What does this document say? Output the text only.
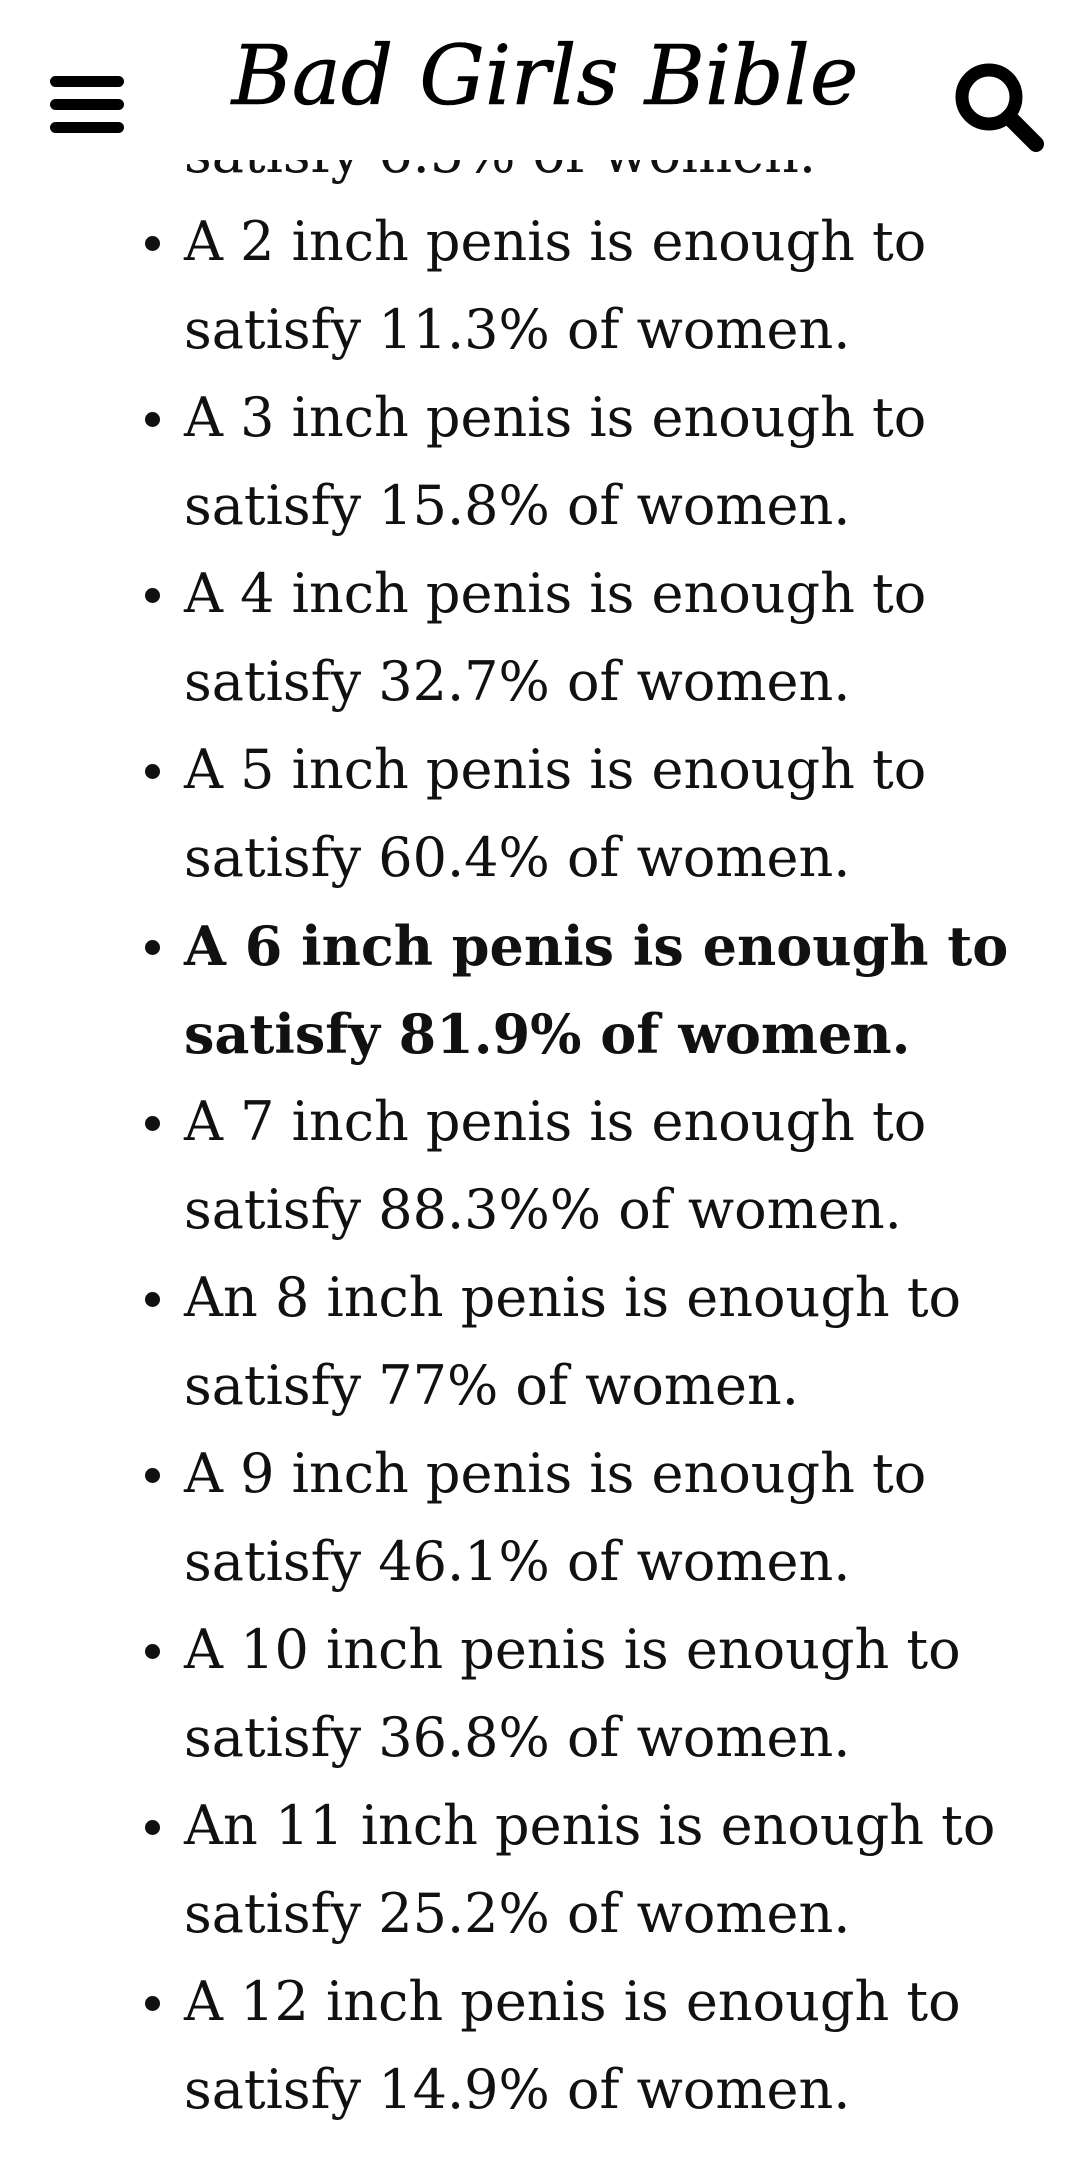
Bad Girls Bible
A 2 inch penis is enough to
satisfy 11.3% of women.
A 3 inch penis is enough to
satisfy 15.8% of women.
A 4 inch penis is enough to
satisfy 32.7% of women.
A 5 inch penis is enough to
satisfy 60.4% of women.
A 6 inch penis is enough to
satisfy 81.9% of women.
A 7 inch penis is enough to
satisfy 88.3%% of women.
An 8 inch penis is enough to
satisfy 77% of women.
A 9 inch penis is enough to
satisfy 46.1% of women.
A 10 inch penis is enough to
satisfy 36.8% of women.
An 11 inch penis is enough to
satisfy 25.2% of women.
A 12 inch penis is enough to
satisfy 14.9% of women.
